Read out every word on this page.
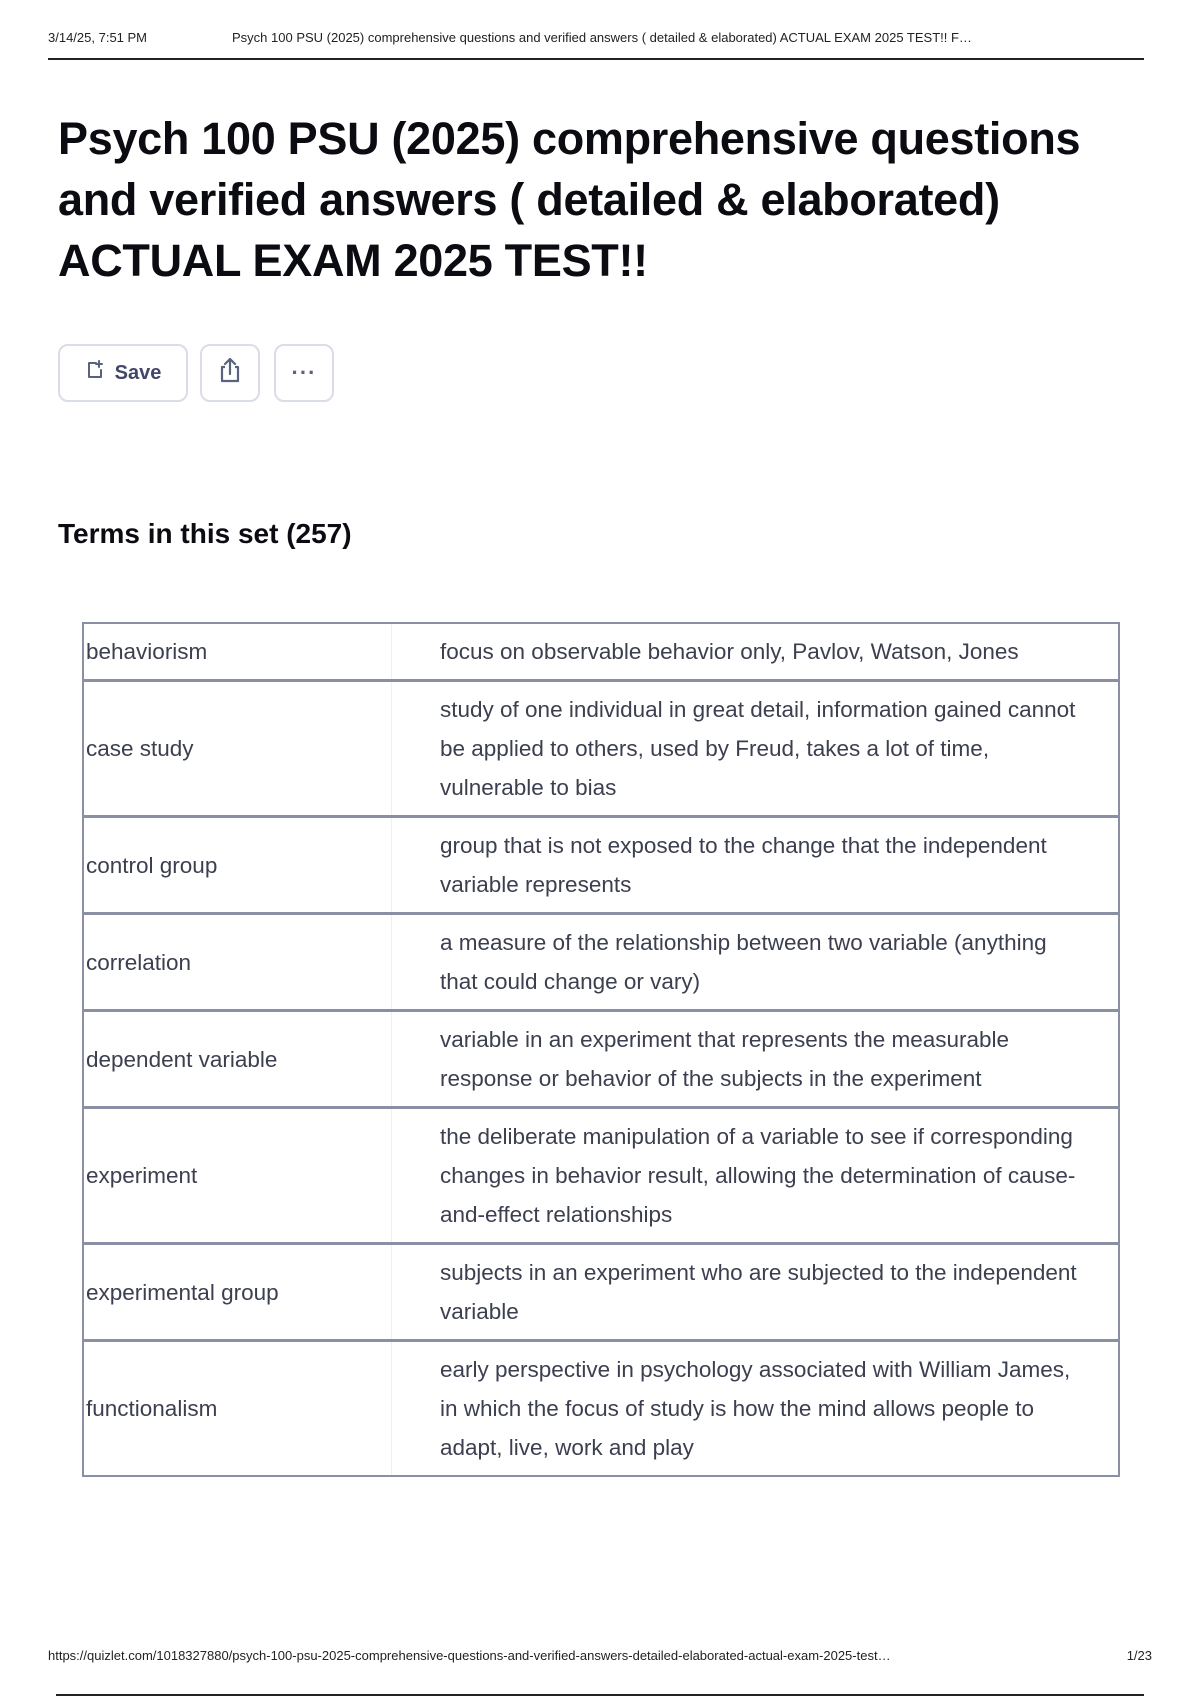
3/14/25, 7:51 PM	Psych 100 PSU (2025) comprehensive questions and verified answers ( detailed & elaborated) ACTUAL EXAM 2025 TEST!! F…
Psych 100 PSU (2025) comprehensive questions and verified answers ( detailed & elaborated) ACTUAL EXAM 2025 TEST!!
Save	···
Terms in this set (257)
behaviorism	focus on observable behavior only, Pavlov, Watson, Jones
case study	study of one individual in great detail, information gained cannot be applied to others, used by Freud, takes a lot of time, vulnerable to bias
control group	group that is not exposed to the change that the independent variable represents
correlation	a measure of the relationship between two variable (anything that could change or vary)
dependent variable	variable in an experiment that represents the measurable response or behavior of the subjects in the experiment
experiment	the deliberate manipulation of a variable to see if corresponding changes in behavior result, allowing the determination of cause-and-effect relationships
experimental group	subjects in an experiment who are subjected to the independent variable
functionalism	early perspective in psychology associated with William James, in which the focus of study is how the mind allows people to adapt, live, work and play
https://quizlet.com/1018327880/psych-100-psu-2025-comprehensive-questions-and-verified-answers-detailed-elaborated-actual-exam-2025-test…	1/23
